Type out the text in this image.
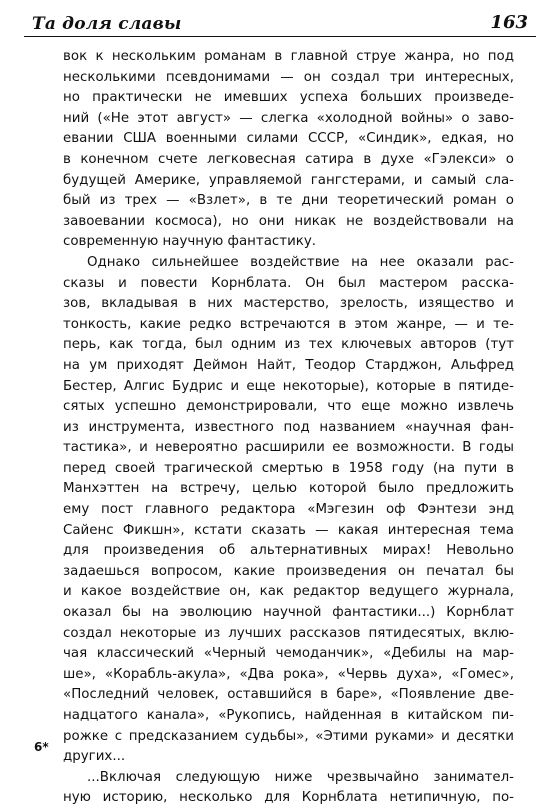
Та доля славы	163
вок к нескольким романам в главной струе жанра, но под
несколькими псевдонимами — он создал три интересных,
но практически не имевших успеха больших произведе-
ний («Не этот август» — слегка «холодной войны» о заво-
евании США военными силами СССР, «Синдик», едкая, но
в конечном счете легковесная сатира в духе «Гэлекси» о
будущей Америке, управляемой гангстерами, и самый сла-
бый из трех — «Взлет», в те дни теоретический роман о
завоевании космоса), но они никак не воздействовали на
современную научную фантастику.
Однако сильнейшее воздействие на нее оказали рас-
сказы и повести Корнблата. Он был мастером расска-
зов, вкладывая в них мастерство, зрелость, изящество и
тонкость, какие редко встречаются в этом жанре, — и те-
перь, как тогда, был одним из тех ключевых авторов (тут
на ум приходят Деймон Найт, Теодор Старджон, Альфред
Бестер, Алгис Будрис и еще некоторые), которые в пятиде-
сятых успешно демонстрировали, что еще можно извлечь
из инструмента, известного под названием «научная фан-
тастика», и невероятно расширили ее возможности. В годы
перед своей трагической смертью в 1958 году (на пути в
Манхэттен на встречу, целью которой было предложить
ему пост главного редактора «Мэгезин оф Фэнтези энд
Сайенс Фикшн», кстати сказать — какая интересная тема
для произведения об альтернативных мирах! Невольно
задаешься вопросом, какие произведения он печатал бы
и какое воздействие он, как редактор ведущего журнала,
оказал бы на эволюцию научной фантастики...) Корнблат
создал некоторые из лучших рассказов пятидесятых, вклю-
чая классический «Черный чемоданчик», «Дебилы на мар-
ше», «Корабль-акула», «Два рока», «Червь духа», «Гомес»,
«Последний человек, оставшийся в баре», «Появление две-
надцатого канала», «Рукопись, найденная в китайском пи-
рожке с предсказанием судьбы», «Этими руками» и десятки
других...
...Включая следующую ниже чрезвычайно занимател-
ную историю, несколько для Корнблата нетипичную, по-
6*
